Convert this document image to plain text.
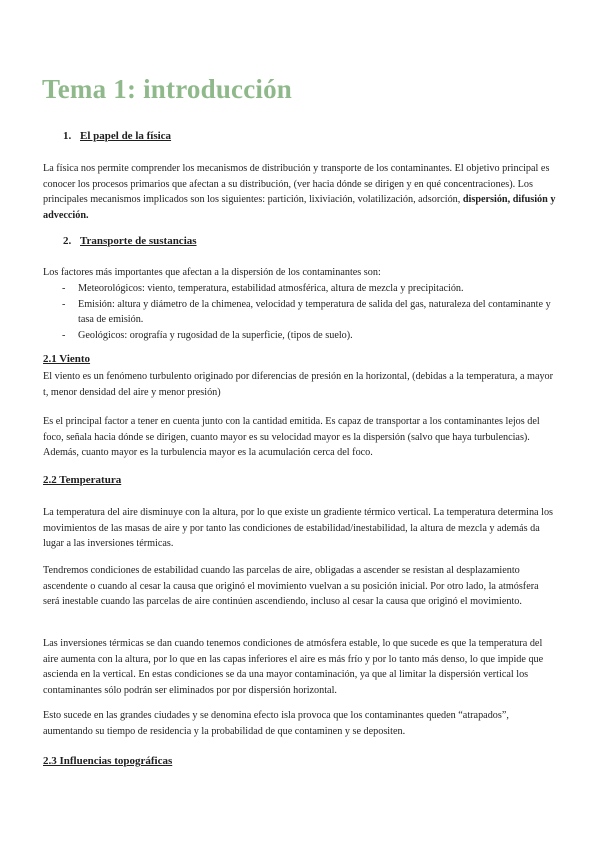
Tema 1: introducción
1. El papel de la física
La física nos permite comprender los mecanismos de distribución y transporte de los contaminantes. El objetivo principal es conocer los procesos primarios que afectan a su distribución, (ver hacia dónde se dirigen y en qué concentraciones). Los principales mecanismos implicados son los siguientes: partición, lixiviación, volatilización, adsorción, dispersión, difusión y advección.
2. Transporte de sustancias
Los factores más importantes que afectan a la dispersión de los contaminantes son:
- Meteorológicos: viento, temperatura, estabilidad atmosférica, altura de mezcla y precipitación.
- Emisión: altura y diámetro de la chimenea, velocidad y temperatura de salida del gas, naturaleza del contaminante y tasa de emisión.
- Geológicos: orografía y rugosidad de la superficie, (tipos de suelo).
2.1 Viento
El viento es un fenómeno turbulento originado por diferencias de presión en la horizontal, (debidas a la temperatura, a mayor t, menor densidad del aire y menor presión)
Es el principal factor a tener en cuenta junto con la cantidad emitida. Es capaz de transportar a los contaminantes lejos del foco, señala hacia dónde se dirigen, cuanto mayor es su velocidad mayor es la dispersión (salvo que haya turbulencias). Además, cuanto mayor es la turbulencia mayor es la acumulación cerca del foco.
2.2 Temperatura
La temperatura del aire disminuye con la altura, por lo que existe un gradiente térmico vertical. La temperatura determina los movimientos de las masas de aire y por tanto las condiciones de estabilidad/inestabilidad, la altura de mezcla y además da lugar a las inversiones térmicas.
Tendremos condiciones de estabilidad cuando las parcelas de aire, obligadas a ascender se resistan al desplazamiento ascendente o cuando al cesar la causa que originó el movimiento vuelvan a su posición inicial. Por otro lado, la atmósfera será inestable cuando las parcelas de aire continúen ascendiendo, incluso al cesar la causa que originó el movimiento.
Las inversiones térmicas se dan cuando tenemos condiciones de atmósfera estable, lo que sucede es que la temperatura del aire aumenta con la altura, por lo que en las capas inferiores el aire es más frío y por lo tanto más denso, lo que impide que ascienda en la vertical. En estas condiciones se da una mayor contaminación, ya que al limitar la dispersión vertical los contaminantes sólo podrán ser eliminados por por dispersión horizontal.
Esto sucede en las grandes ciudades y se denomina efecto isla provoca que los contaminantes queden “atrapados”, aumentando su tiempo de residencia y la probabilidad de que contaminen y se depositen.
2.3 Influencias topográficas
